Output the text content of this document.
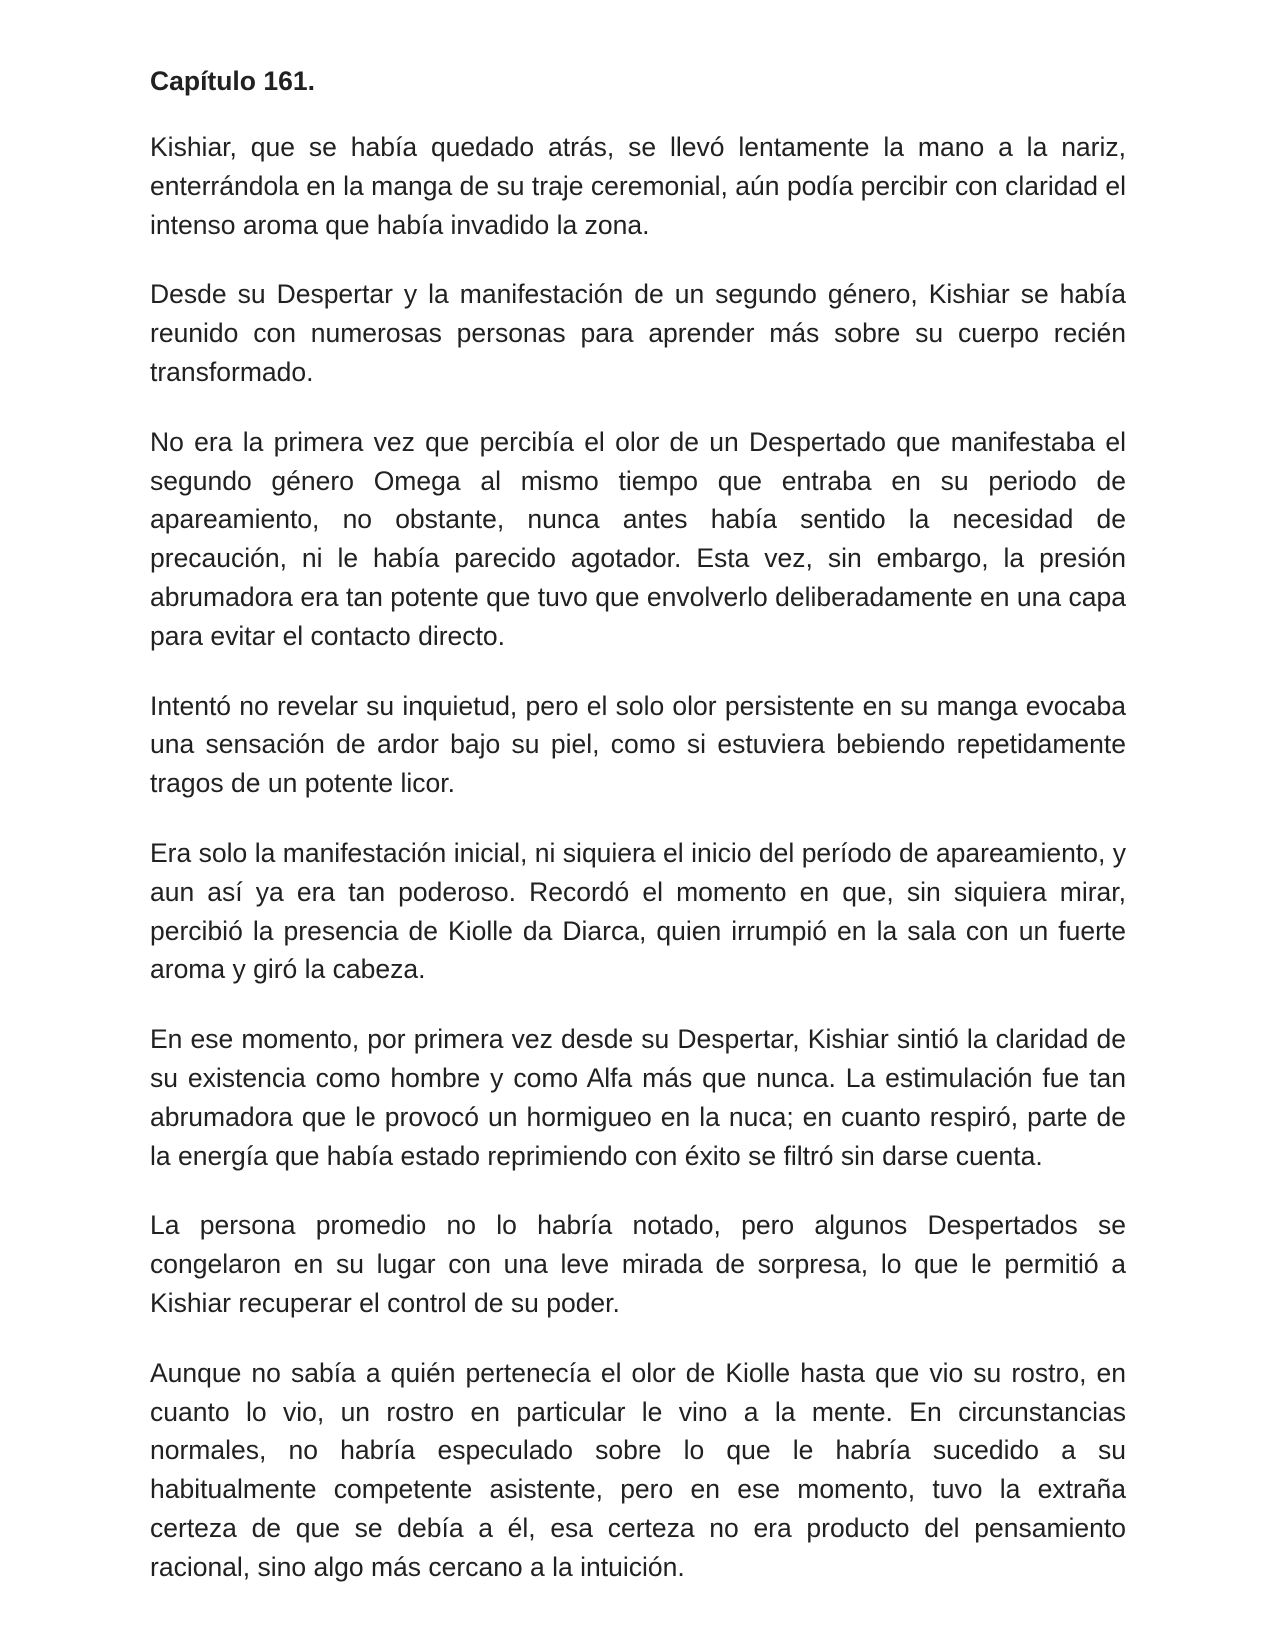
Capítulo 161.

Kishiar, que se había quedado atrás, se llevó lentamente la mano a la nariz, enterrándola en la manga de su traje ceremonial, aún podía percibir con claridad el intenso aroma que había invadido la zona.

Desde su Despertar y la manifestación de un segundo género, Kishiar se había reunido con numerosas personas para aprender más sobre su cuerpo recién transformado.

No era la primera vez que percibía el olor de un Despertado que manifestaba el segundo género Omega al mismo tiempo que entraba en su periodo de apareamiento, no obstante, nunca antes había sentido la necesidad de precaución, ni le había parecido agotador. Esta vez, sin embargo, la presión abrumadora era tan potente que tuvo que envolverlo deliberadamente en una capa para evitar el contacto directo.

Intentó no revelar su inquietud, pero el solo olor persistente en su manga evocaba una sensación de ardor bajo su piel, como si estuviera bebiendo repetidamente tragos de un potente licor.

Era solo la manifestación inicial, ni siquiera el inicio del período de apareamiento, y aun así ya era tan poderoso. Recordó el momento en que, sin siquiera mirar, percibió la presencia de Kiolle da Diarca, quien irrumpió en la sala con un fuerte aroma y giró la cabeza.

En ese momento, por primera vez desde su Despertar, Kishiar sintió la claridad de su existencia como hombre y como Alfa más que nunca. La estimulación fue tan abrumadora que le provocó un hormigueo en la nuca; en cuanto respiró, parte de la energía que había estado reprimiendo con éxito se filtró sin darse cuenta.

La persona promedio no lo habría notado, pero algunos Despertados se congelaron en su lugar con una leve mirada de sorpresa, lo que le permitió a Kishiar recuperar el control de su poder.

Aunque no sabía a quién pertenecía el olor de Kiolle hasta que vio su rostro, en cuanto lo vio, un rostro en particular le vino a la mente. En circunstancias normales, no habría especulado sobre lo que le habría sucedido a su habitualmente competente asistente, pero en ese momento, tuvo la extraña certeza de que se debía a él, esa certeza no era producto del pensamiento racional, sino algo más cercano a la intuición.
